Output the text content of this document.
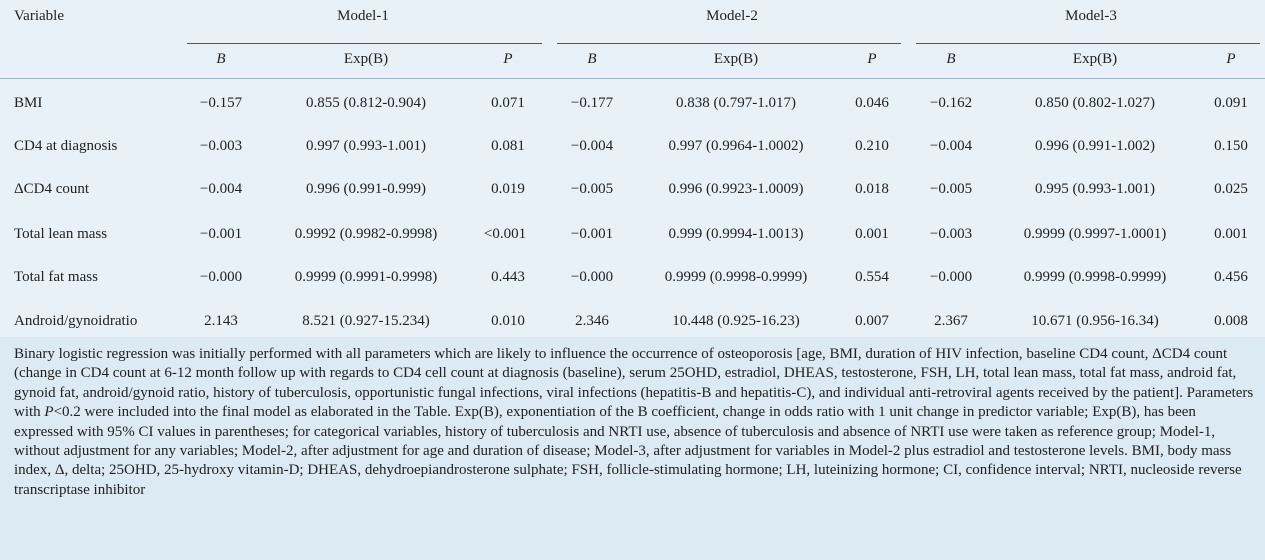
Variable	Model-1	Model-2	Model-3
B	Exp(B)	P	B	Exp(B)	P	B	Exp(B)	P
BMI	−0.157	0.855 (0.812-0.904)	0.071	−0.177	0.838 (0.797-1.017)	0.046	−0.162	0.850 (0.802-1.027)	0.091
CD4 at diagnosis	−0.003	0.997 (0.993-1.001)	0.081	−0.004	0.997 (0.9964-1.0002)	0.210	−0.004	0.996 (0.991-1.002)	0.150
ΔCD4 count	−0.004	0.996 (0.991-0.999)	0.019	−0.005	0.996 (0.9923-1.0009)	0.018	−0.005	0.995 (0.993-1.001)	0.025
Total lean mass	−0.001	0.9992 (0.9982-0.9998)	<0.001	−0.001	0.999 (0.9994-1.0013)	0.001	−0.003	0.9999 (0.9997-1.0001)	0.001
Total fat mass	−0.000	0.9999 (0.9991-0.9998)	0.443	−0.000	0.9999 (0.9998-0.9999)	0.554	−0.000	0.9999 (0.9998-0.9999)	0.456
Android/gynoidratio	2.143	8.521 (0.927-15.234)	0.010	2.346	10.448 (0.925-16.23)	0.007	2.367	10.671 (0.956-16.34)	0.008

Binary logistic regression was initially performed with all parameters which are likely to influence the occurrence of osteoporosis [age, BMI, duration of HIV infection, baseline CD4 count, ΔCD4 count (change in CD4 count at 6-12 month follow up with regards to CD4 cell count at diagnosis (baseline), serum 25OHD, estradiol, DHEAS, testosterone, FSH, LH, total lean mass, total fat mass, android fat, gynoid fat, android/gynoid ratio, history of tuberculosis, opportunistic fungal infections, viral infections (hepatitis-B and hepatitis-C), and individual anti-retroviral agents received by the patient]. Parameters with P<0.2 were included into the final model as elaborated in the Table. Exp(B), exponentiation of the B coefficient, change in odds ratio with 1 unit change in predictor variable; Exp(B), has been expressed with 95% CI values in parentheses; for categorical variables, history of tuberculosis and NRTI use, absence of tuberculosis and absence of NRTI use were taken as reference group; Model-1, without adjustment for any variables; Model-2, after adjustment for age and duration of disease; Model-3, after adjustment for variables in Model-2 plus estradiol and testosterone levels. BMI, body mass index, Δ, delta; 25OHD, 25-hydroxy vitamin-D; DHEAS, dehydroepiandrosterone sulphate; FSH, follicle-stimulating hormone; LH, luteinizing hormone; CI, confidence interval; NRTI, nucleoside reverse transcriptase inhibitor
